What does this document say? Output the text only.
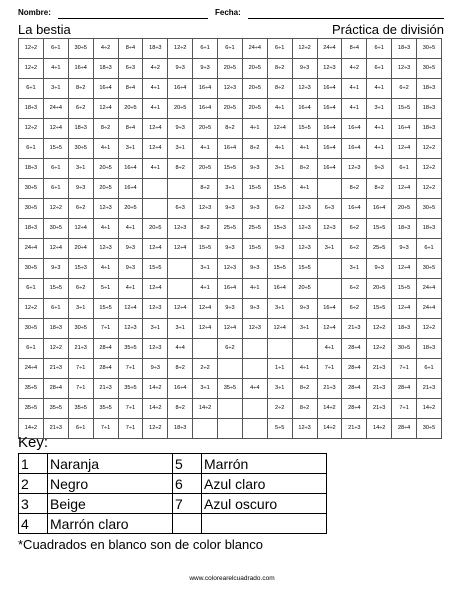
Nombre:	Fecha:
La bestia	Práctica de división
12÷2	6÷1	30÷5	4÷2	8÷4	18÷3	12÷2	6÷1	6÷1	24÷4	6÷1	12÷2	24÷4	8÷4	6÷1	18÷3	30÷5
12÷2	4÷1	16÷4	18÷3	6÷3	4÷2	9÷3	9÷3	20÷5	20÷5	8÷2	9÷3	12÷3	4÷2	6÷1	12÷3	30÷5
6÷1	3÷1	8÷2	16÷4	8÷4	4÷1	16÷4	16÷4	12÷3	20÷5	8÷2	12÷3	16÷4	4÷1	4÷1	6÷2	18÷3
18÷3	24÷4	6÷2	12÷4	20÷5	4÷1	20÷5	16÷4	20÷5	20÷5	4÷1	16÷4	16÷4	4÷1	3÷1	15÷5	18÷3
12÷2	12÷4	18÷3	8÷2	8÷4	12÷4	9÷3	20÷5	8÷2	4÷1	12÷4	15÷5	16÷4	16÷4	4÷1	16÷4	18÷3
6÷1	15÷5	30÷5	4÷1	3÷1	12÷4	3÷1	4÷1	16÷4	8÷2	4÷1	4÷1	16÷4	16÷4	4÷1	12÷4	12÷2
18÷3	6÷1	3÷1	20÷5	16÷4	4÷1	8÷2	20÷5	15÷5	9÷3	3÷1	8÷2	16÷4	12÷3	9÷3	6÷1	12÷2
30÷5	6÷1	9÷3	20÷5	16÷4			8÷2	3÷1	15÷5	15÷5	4÷1		8÷2	8÷2	12÷4	12÷2
30÷5	12÷2	6÷2	12÷3	20÷5		6÷3	12÷3	9÷3	9÷3	6÷2	12÷3	6÷3	16÷4	16÷4	20÷5	30÷5
18÷3	30÷5	12÷4	4÷1	4÷1	20÷5	12÷3	8÷2	25÷5	25÷5	15÷3	12÷3	12÷3	6÷2	15÷5	18÷3	18÷3
24÷4	12÷4	20÷4	12÷3	9÷3	12÷4	12÷4	15÷5	9÷3	15÷5	9÷3	12÷3	3÷1	6÷2	25÷5	9÷3	6÷1
30÷5	9÷3	15÷3	4÷1	9÷3	15÷5		3÷1	12÷3	9÷3	15÷5	15÷5		3÷1	9÷3	12÷4	30÷5
6÷1	15÷5	6÷2	5÷1	4÷1	12÷4		4÷1	16÷4	4÷1	16÷4	20÷5		6÷2	20÷5	15÷5	24÷4
12÷2	6÷1	3÷1	15÷5	12÷4	12÷3	12÷4	12÷4	9÷3	9÷3	3÷1	9÷3	16÷4	6÷2	15÷5	12÷4	24÷4
30÷5	18÷3	30÷5	7÷1	12÷3	3÷1	3÷1	12÷4	12÷4	12÷3	12÷4	3÷1	12÷4	21÷3	12÷2	18÷3	12÷2
6÷1	12÷2	21÷3	28÷4	35÷5	12÷3	4÷4		6÷2				4÷1	28÷4	12÷2	30÷5	18÷3
24÷4	21÷3	7÷1	28÷4	7÷1	9÷3	8÷2	2÷2			1÷1	4÷1	7÷1	28÷4	21÷3	7÷1	6÷1
35÷5	28÷4	7÷1	21÷3	35÷5	14÷2	16÷4	3÷1	35÷5	4÷4	3÷1	8÷2	21÷3	28÷4	21÷3	28÷4	21÷3
35÷5	35÷5	35÷5	35÷5	7÷1	14÷2	8÷2	14÷2			2÷2	8÷2	14÷2	28÷4	21÷3	7÷1	14÷2
14÷2	21÷3	6÷1	7÷1	7÷1	12÷2	18÷3				5÷5	12÷3	14÷2	21÷3	14÷2	28÷4	30÷5
Key:
1	Naranja	5	Marrón
2	Negro	6	Azul claro
3	Beige	7	Azul oscuro
4	Marrón claro		
*Cuadrados en blanco son de color blanco
www.colorearelcuadrado.com
